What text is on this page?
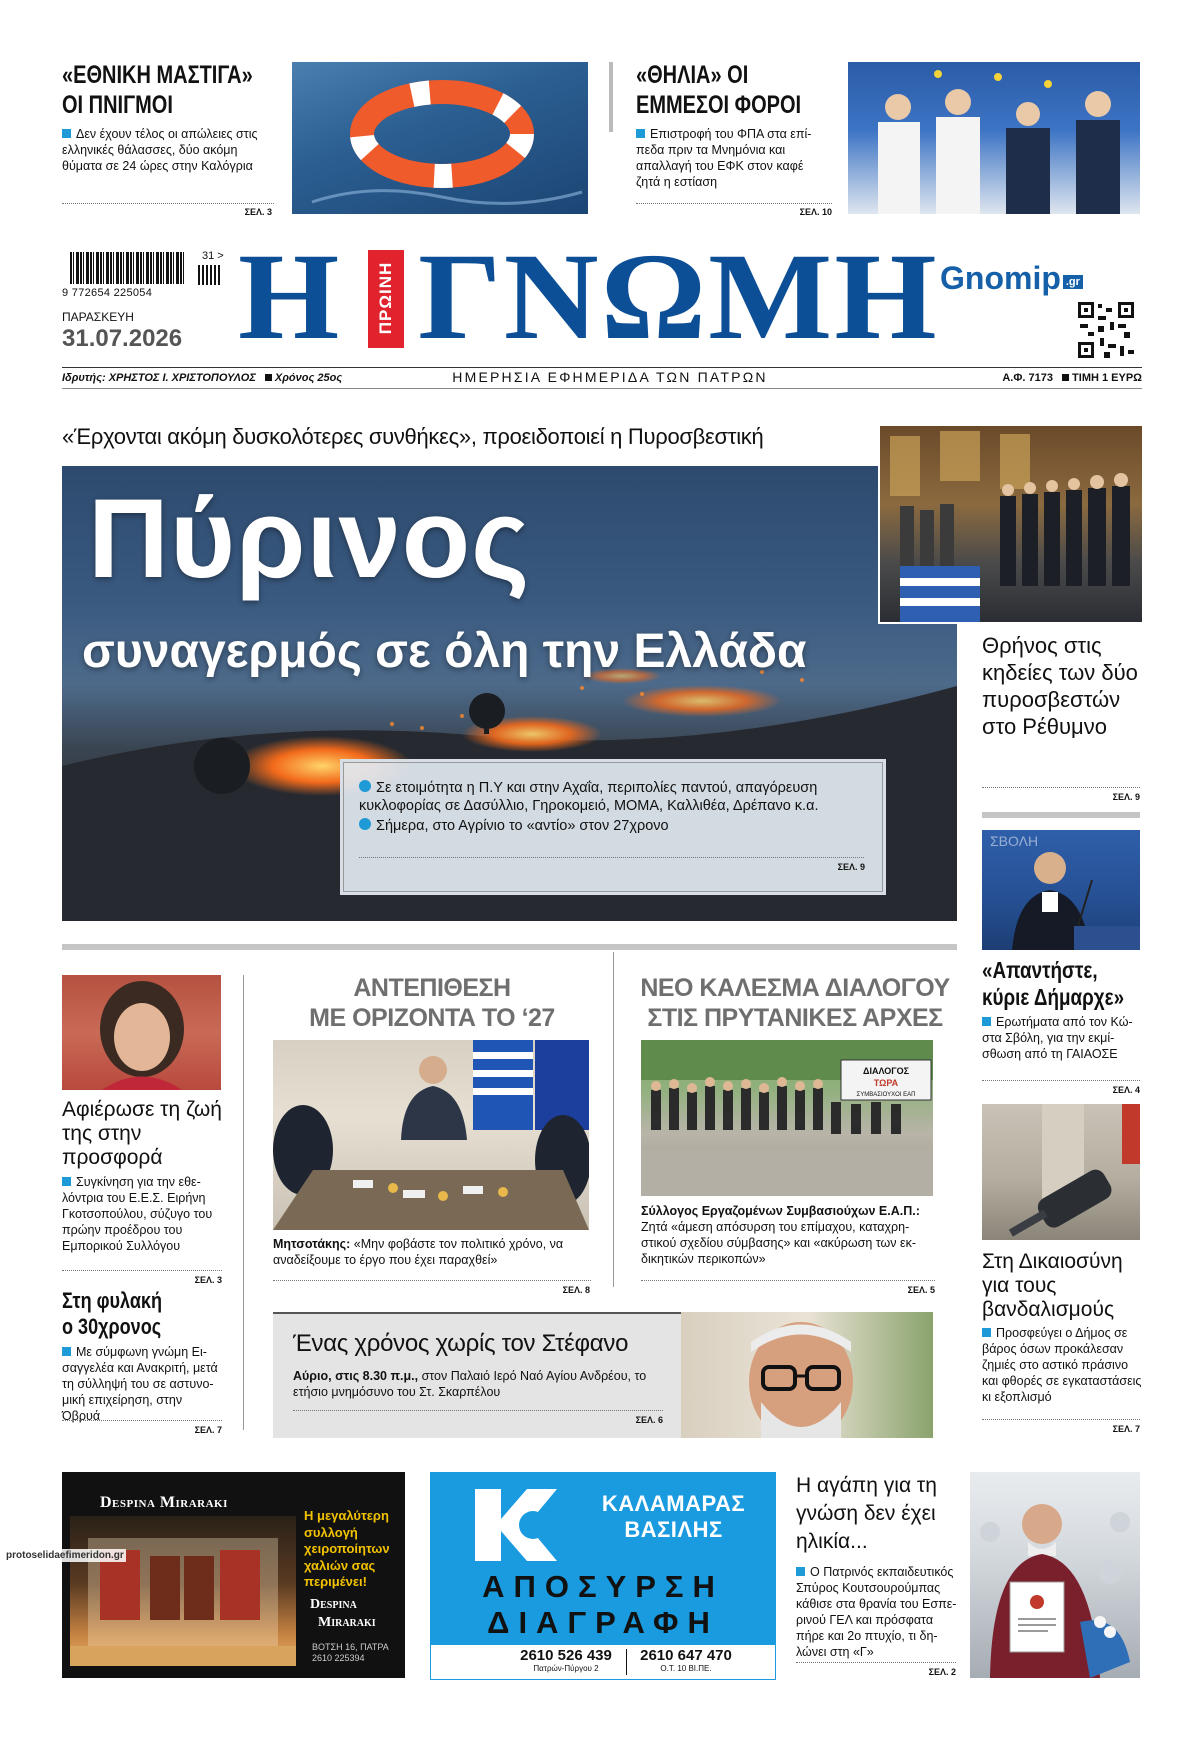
«ΕΘΝΙΚΗ ΜΑΣΤΙΓΑ»
ΟΙ ΠΝΙΓΜΟΙ
Δεν έχουν τέλος οι απώλειες στις ελληνικές θάλασσες, δύο ακόμη θύματα σε 24 ώρες στην Καλόγρια
ΣΕΛ. 3
«ΘΗΛΙΑ» ΟΙ
ΕΜΜΕΣΟΙ ΦΟΡΟΙ
Επιστροφή του ΦΠΑ στα επίπεδα πριν τα Μνημόνια και απαλλαγή του ΕΦΚ στον καφέ ζητά η εστίαση
ΣΕΛ. 10
9 772654 225054
31 >
ΠΑΡΑΣΚΕΥΗ
31.07.2026 Η ΠΡΩΙΝΗ ΓΝΩΜΗ Gnomip .gr
Ιδρυτής: ΧΡΗΣΤΟΣ Ι. ΧΡΙΣΤΟΠΟΥΛΟΣ Χρόνος 25ος	ΗΜΕΡΗΣΙΑ ΕΦΗΜΕΡΙΔΑ ΤΩΝ ΠΑΤΡΩΝ	Α.Φ. 7173 ΤΙΜΗ 1 ΕΥΡΩ
«Έρχονται ακόμη δυσκολότερες συνθήκες», προειδοποιεί η Πυροσβεστική
Πύρινος
συναγερμός σε όλη την Ελλάδα
Σε ετοιμότητα η Π.Υ και στην Αχαΐα, περιπολίες παντού, απαγόρευση κυκλοφορίας σε Δασύλλιο, Γηροκομειό, ΜΟΜΑ, Καλλιθέα, Δρέπανο κ.α.
Σήμερα, στο Αγρίνιο το «αντίο» στον 27χρονο
ΣΕΛ. 9
Θρήνος στις κηδείες των δύο πυροσβεστών στο Ρέθυμνο
ΣΕΛ. 9
ΣΒΟΛΗ
«Απαντήστε,
κύριε Δήμαρχε»
Ερωτήματα από τον Κώστα Σβόλη, για την εκμίσθωση από τη ΓΑΙΑΟΣΕ
ΣΕΛ. 4
Στη Δικαιοσύνη για τους βανδαλισμούς
Προσφεύγει ο Δήμος σε βάρος όσων προκάλεσαν ζημιές στο αστικό πράσινο και φθορές σε εγκαταστάσεις κι εξοπλισμό
ΣΕΛ. 7
Αφιέρωσε τη ζωή της στην προσφορά
Συγκίνηση για την εθελόντρια του Ε.Ε.Σ. Ειρήνη Γκοτσοπούλου, σύζυγο του πρώην προέδρου του Εμπορικού Συλλόγου
ΣΕΛ. 3
Στη φυλακή
ο 30χρονος
Με σύμφωνη γνώμη Εισαγγελέα και Ανακριτή, μετά τη σύλληψή του σε αστυνομική επιχείρηση, στην Όβρυά
ΣΕΛ. 7
ΑΝΤΕΠΙΘΕΣΗ
ΜΕ ΟΡΙΖΟΝΤΑ ΤΟ ‘27
Μητσοτάκης: «Μην φοβάστε τον πολιτικό χρόνο, να αναδείξουμε το έργο που έχει παραχθεί»
ΣΕΛ. 8
ΝΕΟ ΚΑΛΕΣΜΑ ΔΙΑΛΟΓΟΥ
ΣΤΙΣ ΠΡΥΤΑΝΙΚΕΣ ΑΡΧΕΣ
ΔΙΑΛΟΓΟΣ
ΤΩΡΑ
ΣΥΜΒΑΣΙΟΥΧΟΙ ΕΑΠ
Σύλλογος Εργαζομένων Συμβασιούχων Ε.Α.Π.:
Ζητά «άμεση απόσυρση του επίμαχου, καταχρηστικού σχεδίου σύμβασης» και «ακύρωση των εκδικητικών περικοπών»
ΣΕΛ. 5
Ένας χρόνος χωρίς τον Στέφανο
Αύριο, στις 8.30 π.μ., στον Παλαιό Ιερό Ναό Αγίου Ανδρέου, το ετήσιο μνημόσυνο του Στ. Σκαρπέλου
ΣΕΛ. 6
Despina Miraraki
Η μεγαλύτερη συλλογή χειροποίητων χαλιών σας περιμένει!
Despina
Miraraki
ΒΟΤΣΗ 16, ΠΑΤΡΑ
2610 225394
protoselidaefimeridon.gr
ΚΑΛΑΜΑΡΑΣ
ΒΑΣΙΛΗΣ
ΑΠΟΣΥΡΣΗ
ΔΙΑΓΡΑΦΗ
2610 526 439
Πατρών-Πύργου 2
2610 647 470
Ο.Τ. 10 ΒΙ.ΠΕ.
Η αγάπη για τη γνώση δεν έχει ηλικία...
Ο Πατρινός εκπαιδευτικός Σπύρος Κουτσουρούμπας κάθισε στα θρανία του Εσπερινού ΓΕΛ και πρόσφατα πήρε και 2ο πτυχίο, τι δηλώνει στη «Γ»
ΣΕΛ. 2
